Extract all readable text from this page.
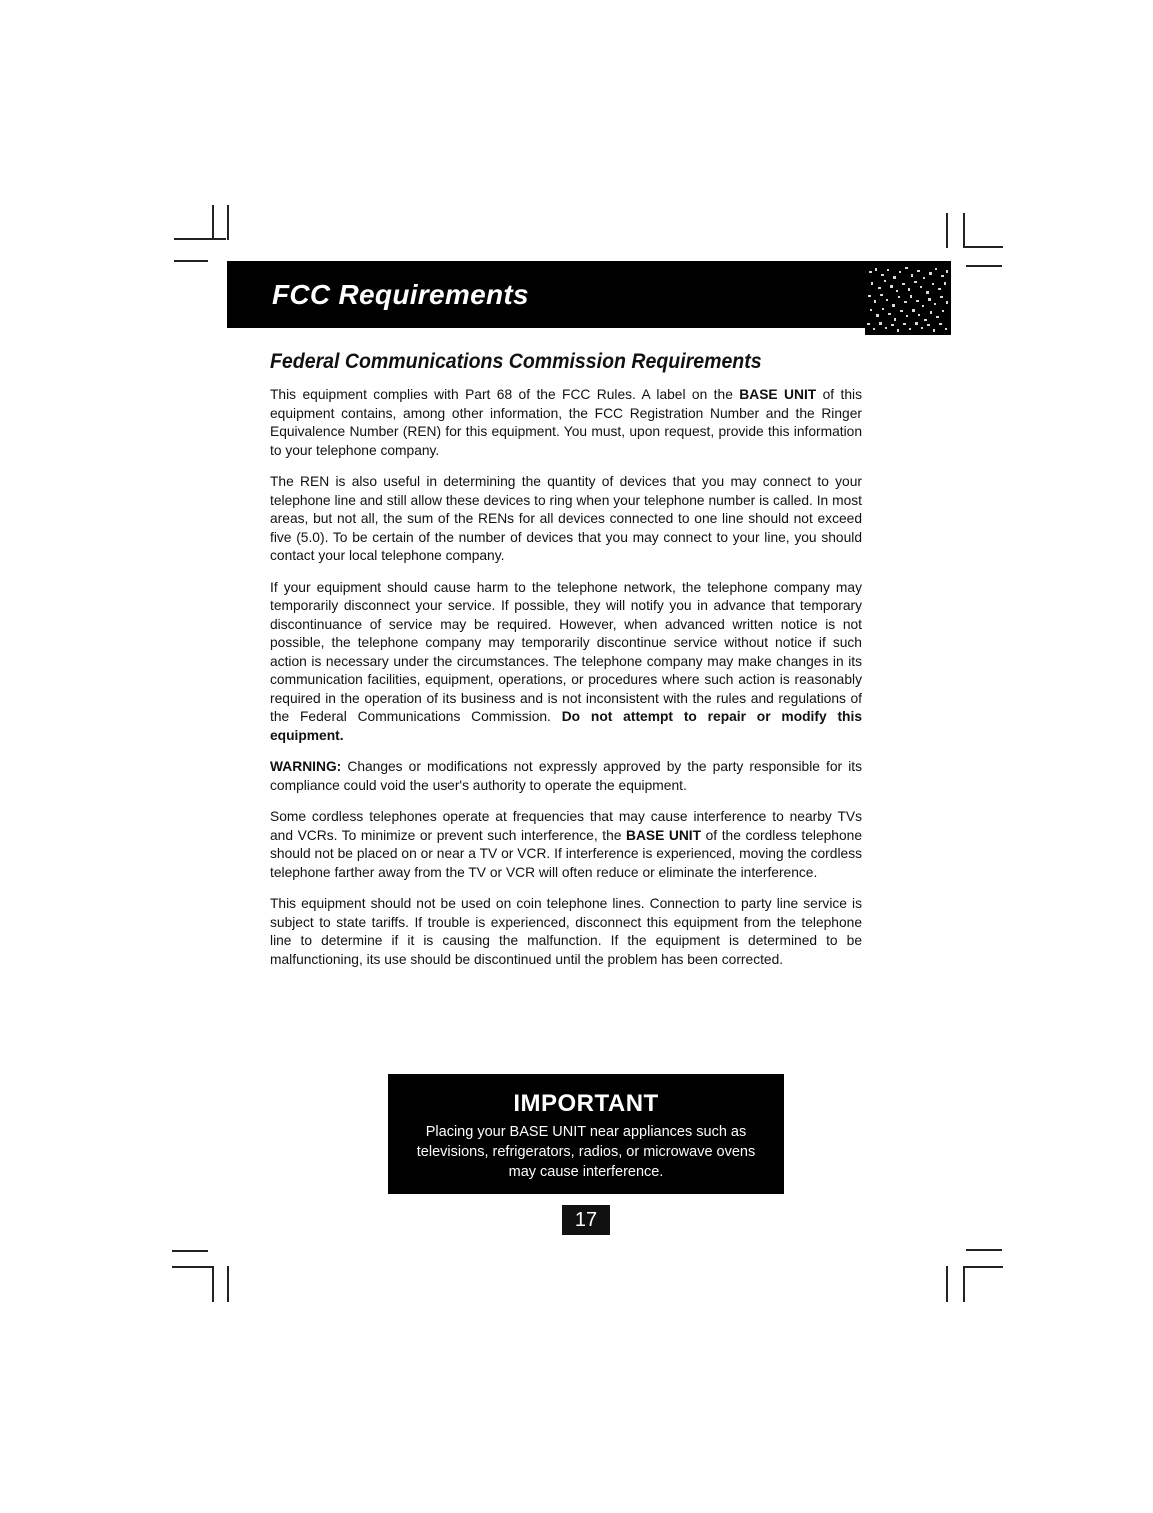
FCC Requirements
Federal Communications Commission Requirements

This equipment complies with Part 68 of the FCC Rules. A label on the BASE UNIT of this equipment contains, among other information, the FCC Registration Number and the Ringer Equivalence Number (REN) for this equipment. You must, upon request, provide this information to your telephone company.

The REN is also useful in determining the quantity of devices that you may connect to your telephone line and still allow these devices to ring when your telephone number is called. In most areas, but not all, the sum of the RENs for all devices connected to one line should not exceed five (5.0). To be certain of the number of devices that you may connect to your line, you should contact your local telephone company.

If your equipment should cause harm to the telephone network, the telephone company may temporarily disconnect your service. If possible, they will notify you in advance that temporary discontinuance of service may be required. However, when advanced written notice is not possible, the telephone company may temporarily discontinue service without notice if such action is necessary under the circumstances. The telephone company may make changes in its communication facilities, equipment, operations, or procedures where such action is reasonably required in the operation of its business and is not inconsistent with the rules and regulations of the Federal Communications Commission. Do not attempt to repair or modify this equipment.

WARNING: Changes or modifications not expressly approved by the party responsible for its compliance could void the user's authority to operate the equipment.

Some cordless telephones operate at frequencies that may cause interference to nearby TVs and VCRs. To minimize or prevent such interference, the BASE UNIT of the cordless telephone should not be placed on or near a TV or VCR. If interference is experienced, moving the cordless telephone farther away from the TV or VCR will often reduce or eliminate the interference.

This equipment should not be used on coin telephone lines. Connection to party line service is subject to state tariffs. If trouble is experienced, disconnect this equipment from the telephone line to determine if it is causing the malfunction. If the equipment is determined to be malfunctioning, its use should be discontinued until the problem has been corrected.

IMPORTANT
Placing your BASE UNIT near appliances such as televisions, refrigerators, radios, or microwave ovens may cause interference.
17
